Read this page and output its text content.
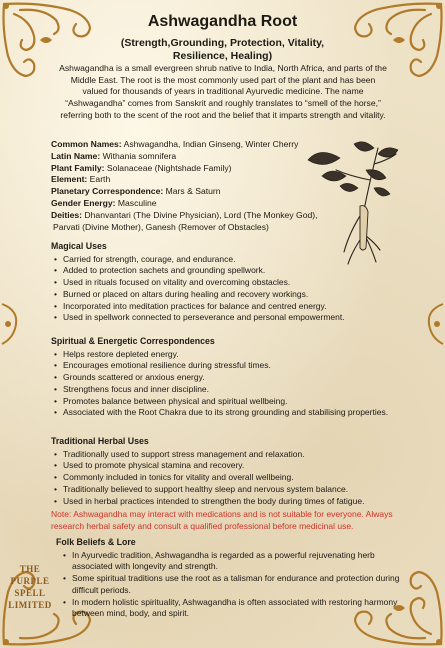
Ashwagandha Root
(Strength,Grounding, Protection, Vitality, Resilience, Healing)
Ashwagandha is a small evergreen shrub native to India, North Africa, and parts of the Middle East. The root is the most commonly used part of the plant and has been valued for thousands of years in traditional Ayurvedic medicine. The name “Ashwagandha” comes from Sanskrit and roughly translates to “smell of the horse,” referring both to the scent of the root and the belief that it imparts strength and vitality.
Common Names: Ashwagandha, Indian Ginseng, Winter Cherry
Latin Name: Withania somnifera
Plant Family: Solanaceae (Nightshade Family)
Element: Earth
Planetary Correspondence: Mars & Saturn
Gender Energy: Masculine
Deities: Dhanvantari (The Divine Physician), Lord (The Monkey God),
Parvati (Divine Mother), Ganesh (Remover of Obstacles)
Magical Uses
• Carried for strength, courage, and endurance.
• Added to protection sachets and grounding spellwork.
• Used in rituals focused on vitality and overcoming obstacles.
• Burned or placed on altars during healing and recovery workings.
• Incorporated into meditation practices for balance and centred energy.
• Used in spellwork connected to perseverance and personal empowerment.
Spiritual & Energetic Correspondences
• Helps restore depleted energy.
• Encourages emotional resilience during stressful times.
• Grounds scattered or anxious energy.
• Strengthens focus and inner discipline.
• Promotes balance between physical and spiritual wellbeing.
• Associated with the Root Chakra due to its strong grounding and stabilising properties.
Traditional Herbal Uses
• Traditionally used to support stress management and relaxation.
• Used to promote physical stamina and recovery.
• Commonly included in tonics for vitality and overall wellbeing.
• Traditionally believed to support healthy sleep and nervous system balance.
• Used in herbal practices intended to strengthen the body during times of fatigue.
Note: Ashwagandha may interact with medications and is not suitable for everyone. Always research herbal safety and consult a qualified professional before medicinal use.
Folk Beliefs & Lore
• In Ayurvedic tradition, Ashwagandha is regarded as a powerful rejuvenating herb associated with longevity and strength.
• Some spiritual traditions use the root as a talisman for endurance and protection during difficult periods.
• In modern holistic spirituality, Ashwagandha is often associated with restoring harmony between mind, body, and spirit.
THE
PURPLE
SPELL
LIMITED
